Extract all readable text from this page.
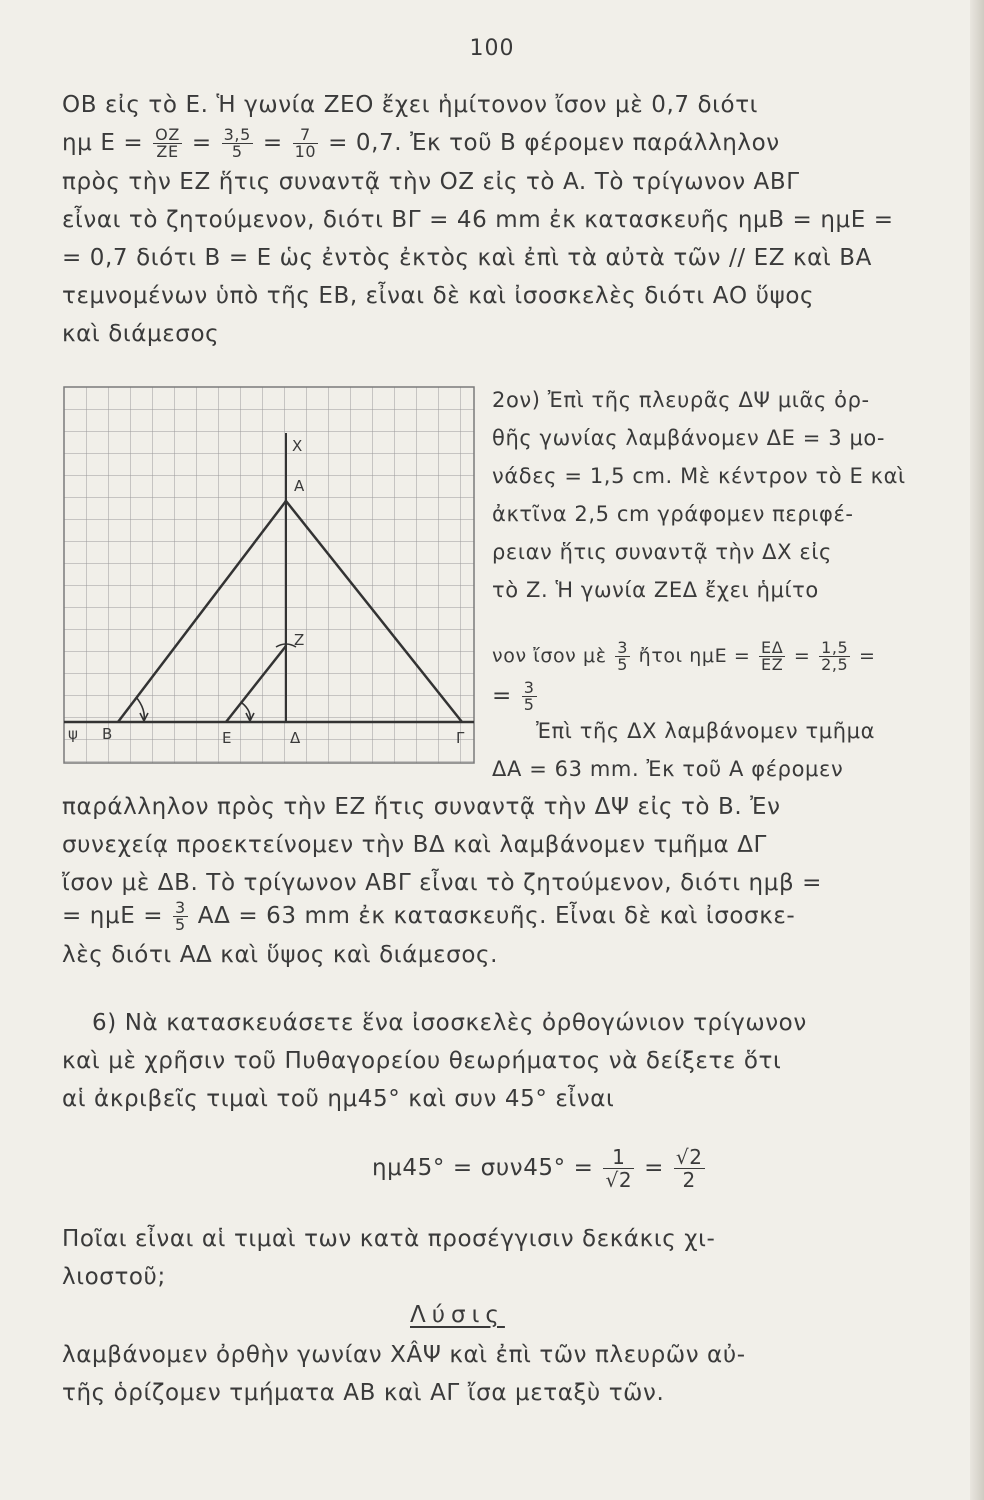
100
OB εἰς τὸ E. Ἡ γωνία ZEO ἔχει ἡμίτονον ἴσον μὲ 0,7 διότι
ημ $E = \frac{OZ}{ZE} = \frac{3,5}{5} = \frac{7}{10} = 0,7$. Ἐκ τοῦ B φέρομεν παράλληλον
πρὸς τὴν EZ ἥτις συναντᾷ τὴν OZ εἰς τὸ A. Τὸ τρίγωνον ΑΒΓ
εἶναι τὸ ζητούμενον, διότι ΒΓ = 46 mm ἐκ κατασκευῆς ημΒ = ημΕ =
= 0,7 διότι Β = Ε ὡς ἐντὸς ἐκτὸς καὶ ἐπὶ τὰ αὐτὰ τῶν // EZ καὶ ΒΑ
τεμνομένων ὑπὸ τῆς ΕΒ, εἶναι δὲ καὶ ἰσοσκελὲς διότι ΑΟ ὕψος
καὶ διάμεσος
X
A
Z
ψ B	E	Δ	Γ
2ον) Ἐπὶ τῆς πλευρᾶς ΔΨ μιᾶς ὀρ-
θῆς γωνίας λαμβάνομεν ΔΕ = 3 μο-
νάδες = 1,5 cm. Μὲ κέντρον τὸ Ε καὶ
ἀκτῖνα 2,5 cm γράφομεν περιφέ-
ρειαν ἥτις συναντᾷ τὴν ΔΧ εἰς
τὸ Z. Ἡ γωνία ZEΔ ἔχει ἡμίτο
νον ἴσον μὲ $\frac{3}{5}$ ἤτοι $\eta\mu E = \frac{E\Delta}{EZ} = \frac{1,5}{2,5}$ =
= $\frac{3}{5}$
Ἐπὶ τῆς ΔΧ λαμβάνομεν τμῆμα
ΔΑ = 63 mm. Ἐκ τοῦ Α φέρομεν
παράλληλον πρὸς τὴν ΕΖ ἥτις συναντᾷ τὴν ΔΨ εἰς τὸ Β. Ἐν
συνεχείᾳ προεκτείνομεν τὴν ΒΔ καὶ λαμβάνομεν τμῆμα ΔΓ
ἴσον μὲ ΔΒ. Τὸ τρίγωνον ΑΒΓ εἶναι τὸ ζητούμενον, διότι ημβ =
= $\eta\mu E = \frac{3}{5}$ ΑΔ = 63 mm ἐκ κατασκευῆς. Εἶναι δὲ καὶ ἰσοσκε-
λὲς διότι ΑΔ καὶ ὕψος καὶ διάμεσος.
6) Νὰ κατασκευάσετε ἕνα ἰσοσκελὲς ὀρθογώνιον τρίγωνον
καὶ μὲ χρῆσιν τοῦ Πυθαγορείου θεωρήματος νὰ δείξετε ὅτι
αἱ ἀκριβεῖς τιμαὶ τοῦ ημ45° καὶ συν 45° εἶναι
$\eta\mu 45^\circ = \sigma\upsilon\nu 45^\circ = \frac{1}{√2} = \frac{√2}{2}$
Ποῖαι εἶναι αἱ τιμαὶ των κατὰ προσέγγισιν δεκάκις χι-
λιοστοῦ;
Λύσις
λαμβάνομεν ὀρθὴν γωνίαν ΧÂΨ καὶ ἐπὶ τῶν πλευρῶν αὐ-
τῆς ὁρίζομεν τμήματα ΑΒ καὶ ΑΓ ἴσα μεταξὺ τῶν.
